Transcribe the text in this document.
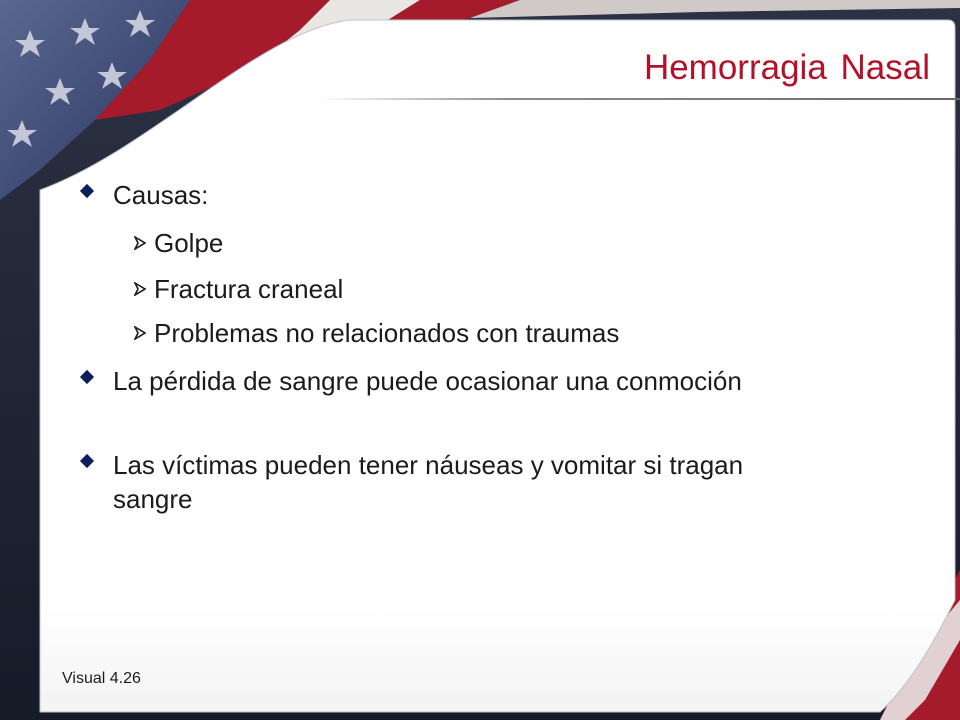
Hemorragia Nasal
Causas:
Golpe
Fractura craneal
Problemas no relacionados con traumas
La pérdida de sangre puede ocasionar una conmoción
Las víctimas pueden tener náuseas y vomitar si tragan sangre
Visual 4.26
